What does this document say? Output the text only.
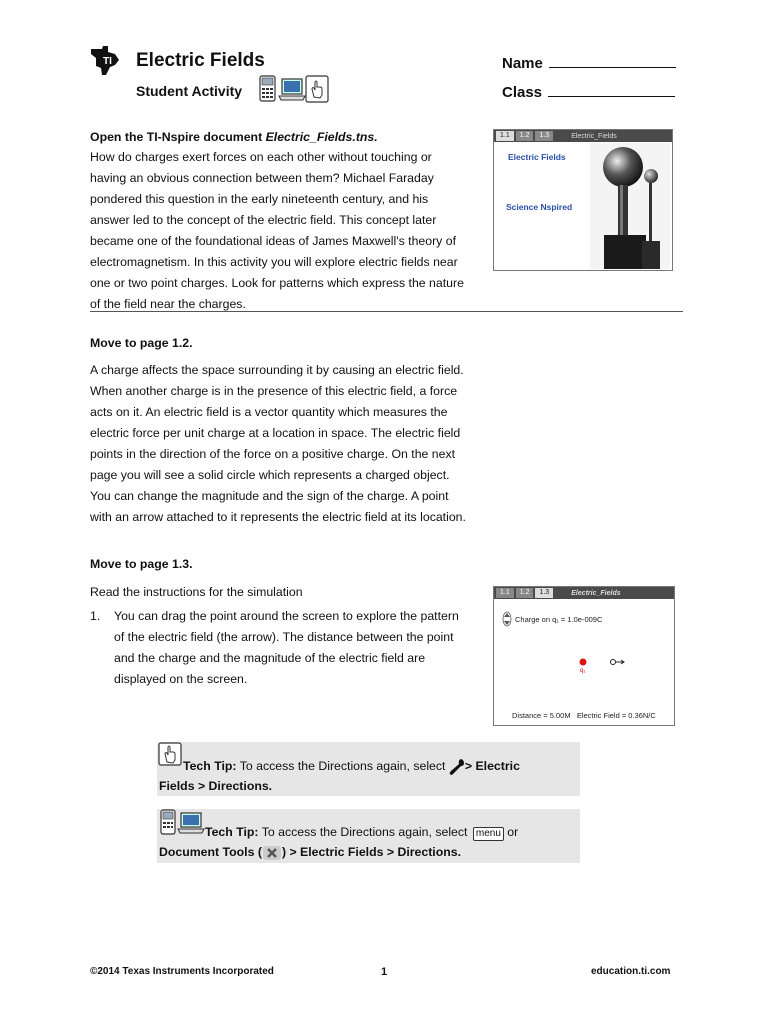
TI Electric Fields
Student Activity
Name
Class
Open the TI-Nspire document Electric_Fields.tns.
How do charges exert forces on each other without touching or
having an obvious connection between them? Michael Faraday
pondered this question in the early nineteenth century, and his
answer led to the concept of the electric field. This concept later
became one of the foundational ideas of James Maxwell's theory of
electromagnetism. In this activity you will explore electric fields near
one or two point charges. Look for patterns which express the nature
of the field near the charges.
1.1	1.2	1.3	Electric_Fields
Electric Fields
Science Nspired
Move to page 1.2.
A charge affects the space surrounding it by causing an electric field.
When another charge is in the presence of this electric field, a force
acts on it. An electric field is a vector quantity which measures the
electric force per unit charge at a location in space. The electric field
points in the direction of the force on a positive charge. On the next
page you will see a solid circle which represents a charged object.
You can change the magnitude and the sign of the charge. A point
with an arrow attached to it represents the electric field at its location.
Move to page 1.3.
Read the instructions for the simulation
1. You can drag the point around the screen to explore the pattern
of the electric field (the arrow). The distance between the point
and the charge and the magnitude of the electric field are
displayed on the screen.
1.1	1.2	1.3	Electric_Fields
Charge on q₁ = 1.0e-009C
q₁
Distance = 5.00M   Electric Field = 0.36N/C
Tech Tip: To access the Directions again, select > Electric
Fields > Directions.
Tech Tip: To access the Directions again, select menu or
Document Tools ( ) > Electric Fields > Directions.
©2014 Texas Instruments Incorporated	1	education.ti.com
